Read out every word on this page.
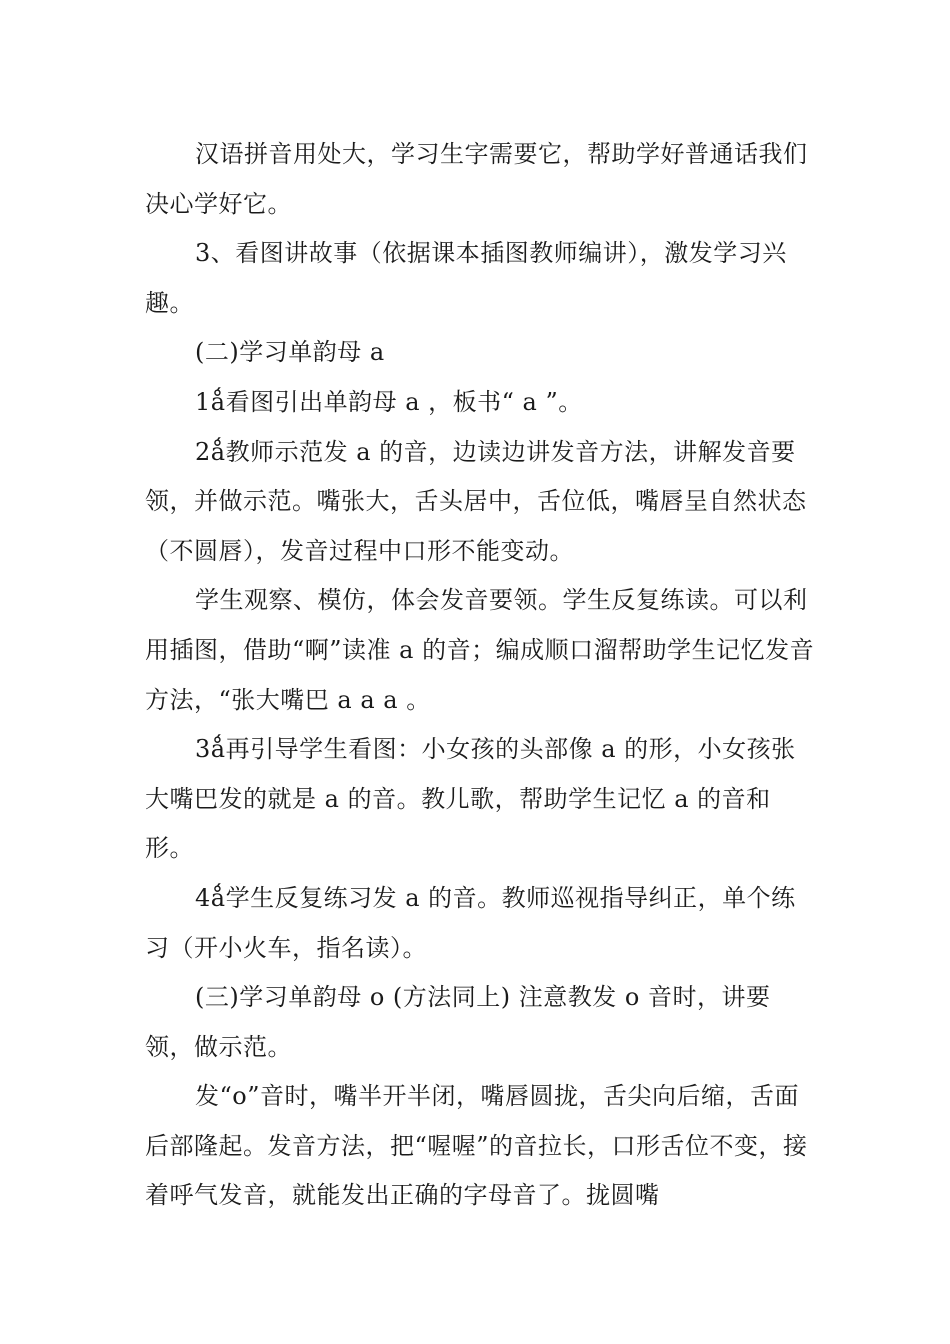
汉语拼音用处大，学习生字需要它，帮助学好普通话我们决心学好它。

3、看图讲故事（依据课本插图教师编讲），激发学习兴趣。

(二)学习单韵母 a

1ǻ看图引出单韵母 a ，板书“ a ”。

2ǻ教师示范发 a 的音，边读边讲发音方法，讲解发音要领，并做示范。嘴张大，舌头居中，舌位低，嘴唇呈自然状态（不圆唇），发音过程中口形不能变动。

学生观察、模仿，体会发音要领。学生反复练读。可以利用插图，借助“啊”读准 a 的音；编成顺口溜帮助学生记忆发音方法，“张大嘴巴 a a a 。

3ǻ再引导学生看图：小女孩的头部像 a 的形，小女孩张大嘴巴发的就是 a 的音。教儿歌，帮助学生记忆 a 的音和形。

4ǻ学生反复练习发 a 的音。教师巡视指导纠正，单个练习（开小火车，指名读）。

(三)学习单韵母 o (方法同上) 注意教发 o 音时，讲要领，做示范。

发“o”音时，嘴半开半闭，嘴唇圆拢，舌尖向后缩，舌面后部隆起。发音方法，把“喔喔”的音拉长，口形舌位不变，接着呼气发音，就能发出正确的字母音了。拢圆嘴
